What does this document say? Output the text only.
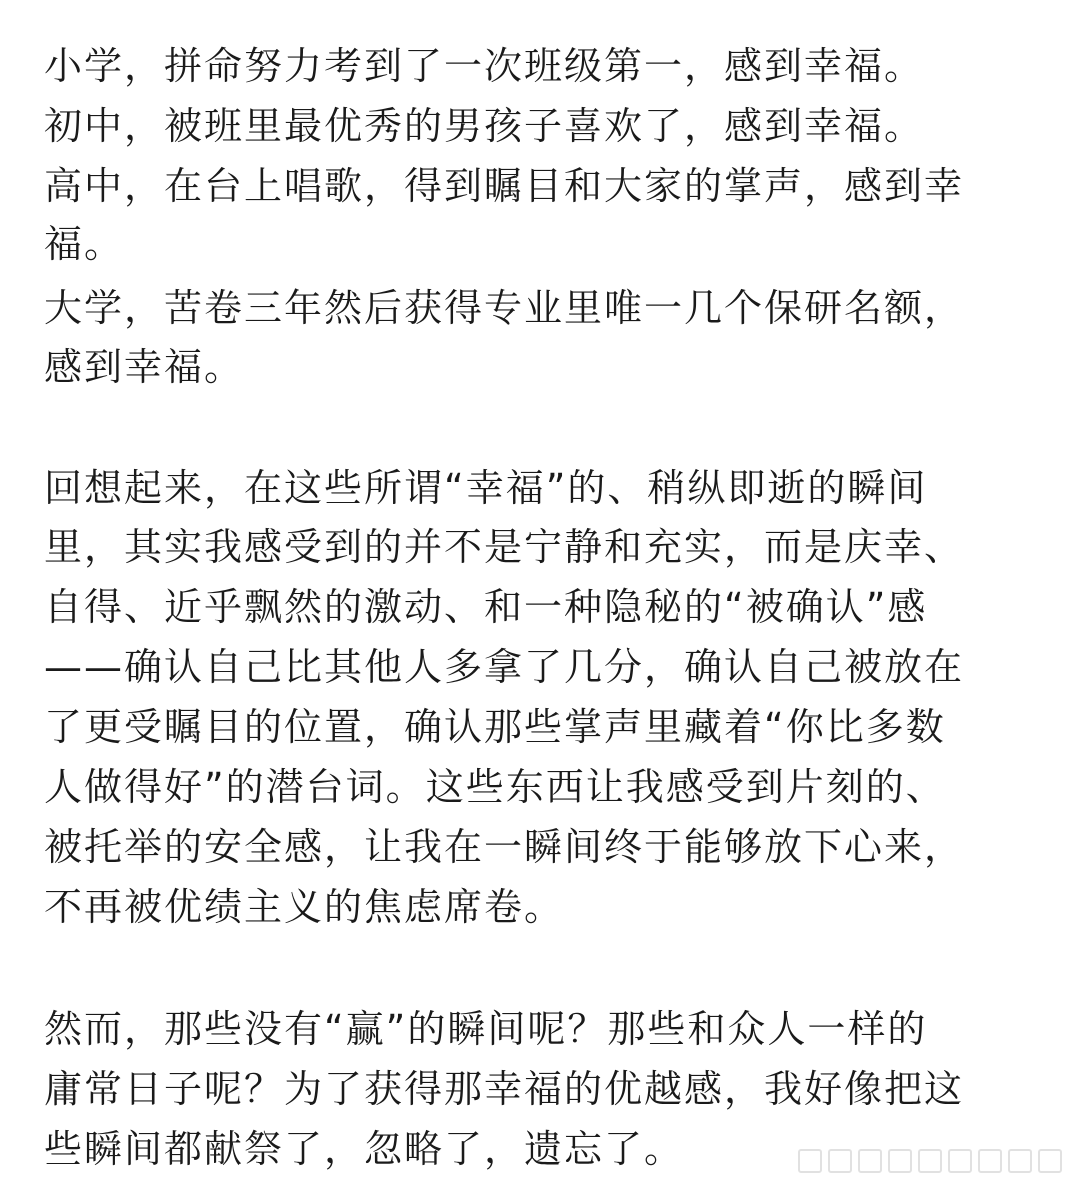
小学，拼命努力考到了一次班级第一，感到幸福。
初中，被班里最优秀的男孩子喜欢了，感到幸福。
高中，在台上唱歌，得到瞩目和大家的掌声，感到幸
福。
大学，苦卷三年然后获得专业里唯一几个保研名额，
感到幸福。
回想起来，在这些所谓“幸福”的、稍纵即逝的瞬间
里，其实我感受到的并不是宁静和充实，而是庆幸、
自得、近乎飘然的激动、和一种隐秘的“被确认”感
——确认自己比其他人多拿了几分，确认自己被放在
了更受瞩目的位置，确认那些掌声里藏着“你比多数
人做得好”的潜台词。这些东西让我感受到片刻的、
被托举的安全感，让我在一瞬间终于能够放下心来，
不再被优绩主义的焦虑席卷。
然而，那些没有“赢”的瞬间呢？那些和众人一样的
庸常日子呢？为了获得那幸福的优越感，我好像把这
些瞬间都献祭了，忽略了，遗忘了。
